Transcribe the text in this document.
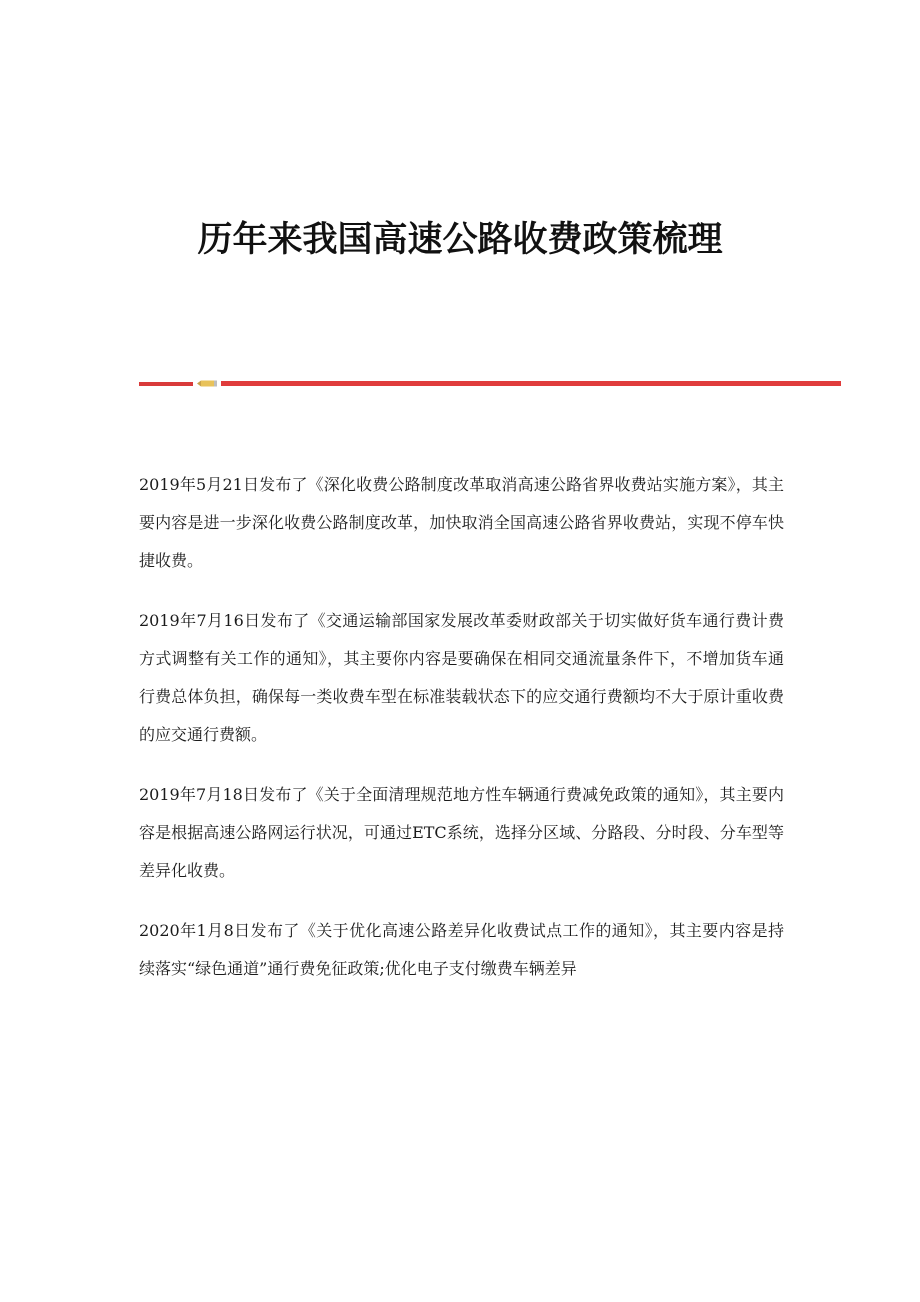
历年来我国高速公路收费政策梳理

2019年5月21日发布了《深化收费公路制度改革取消高速公路省界收费站实施方案》，其主要内容是进一步深化收费公路制度改革，加快取消全国高速公路省界收费站，实现不停车快捷收费。

2019年7月16日发布了《交通运输部国家发展改革委财政部关于切实做好货车通行费计费方式调整有关工作的通知》，其主要你内容是要确保在相同交通流量条件下，不增加货车通行费总体负担，确保每一类收费车型在标准装载状态下的应交通行费额均不大于原计重收费的应交通行费额。

2019年7月18日发布了《关于全面清理规范地方性车辆通行费减免政策的通知》，其主要内容是根据高速公路网运行状况，可通过ETC系统，选择分区域、分路段、分时段、分车型等差异化收费。

2020年1月8日发布了《关于优化高速公路差异化收费试点工作的通知》，其主要内容是持续落实“绿色通道”通行费免征政策;优化电子支付缴费车辆差异
